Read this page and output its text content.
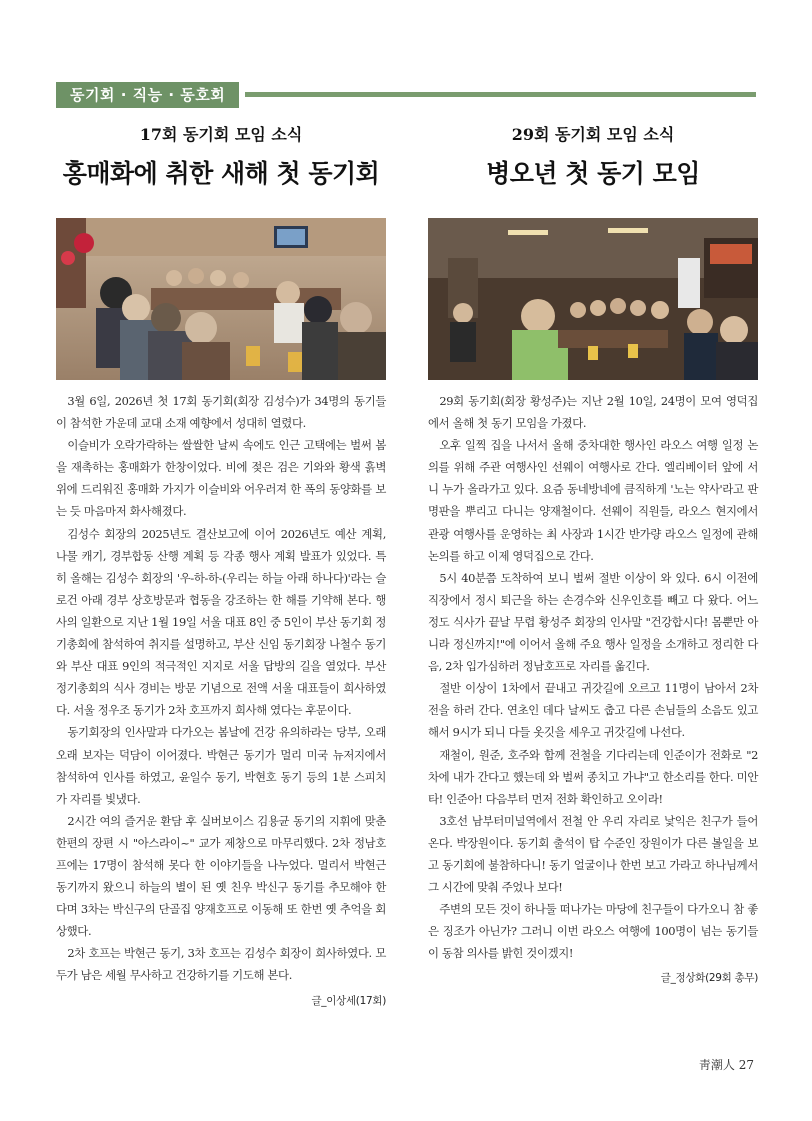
동기회 · 직능 · 동호회
17회 동기회 모임 소식
홍매화에 취한 새해 첫 동기회

3월 6일, 2026년 첫 17회 동기회(회장 김성수)가 34명의 동기들이 참석한 가운데 교대 소재 예향에서 성대히 열렸다.

이슬비가 오락가락하는 쌀쌀한 날씨 속에도 인근 고택에는 벌써 봄을 재촉하는 홍매화가 한창이었다. 비에 젖은 검은 기와와 황색 흙벽 위에 드리워진 홍매화 가지가 이슬비와 어우러져 한 폭의 동양화를 보는 듯 마음마저 화사해졌다.

김성수 회장의 2025년도 결산보고에 이어 2026년도 예산 계획, 나물 캐기, 경부합동 산행 계획 등 각종 행사 계획 발표가 있었다. 특히 올해는 김성수 회장의 '우-하-하-(우리는 하늘 아래 하나다)'라는 슬로건 아래 경부 상호방문과 협동을 강조하는 한 해를 기약해 본다. 행사의 일환으로 지난 1월 19일 서울 대표 8인 중 5인이 부산 동기회 정기총회에 참석하여 취지를 설명하고, 부산 신임 동기회장 나철수 동기와 부산 대표 9인의 적극적인 지지로 서울 답방의 길을 열었다. 부산 정기총회의 식사 경비는 방문 기념으로 전액 서울 대표들이 희사하였다. 서울 정우조 동기가 2차 호프까지 희사해 였다는 후문이다.

동기회장의 인사말과 다가오는 봄날에 건강 유의하라는 당부, 오래오래 보자는 덕담이 이어졌다. 박현근 동기가 멀리 미국 뉴저지에서 참석하여 인사를 하였고, 윤일수 동기, 박현호 동기 등의 1분 스피치가 자리를 빛냈다.

2시간 여의 즐거운 환담 후 실버보이스 김용균 동기의 지휘에 맞춘 한편의 장편 시 "아스라이~" 교가 제창으로 마무리했다. 2차 정남호프에는 17명이 참석해 못다 한 이야기들을 나누었다. 멀리서 박현근 동기까지 왔으니 하늘의 별이 된 옛 친우 박신구 동기를 추모해야 한다며 3차는 박신구의 단골집 양재호프로 이동해 또 한번 옛 추억을 회상했다.

2차 호프는 박현근 동기, 3차 호프는 김성수 회장이 희사하였다. 모두가 남은 세월 무사하고 건강하기를 기도해 본다.

글_이상세(17회)
29회 동기회 모임 소식
병오년 첫 동기 모임

29회 동기회(회장 황성주)는 지난 2월 10일, 24명이 모여 영덕집에서 올해 첫 동기 모임을 가졌다.

오후 일찍 집을 나서서 올해 중차대한 행사인 라오스 여행 일정 논의를 위해 주관 여행사인 선웨이 여행사로 간다. 엘리베이터 앞에 서니 누가 올라가고 있다. 요즘 동네방네에 큼직하게 '노는 약사'라고 판 명판을 뿌리고 다니는 양재철이다. 선웨이 직원들, 라오스 현지에서 관광 여행사를 운영하는 최 사장과 1시간 반가량 라오스 일정에 관해 논의를 하고 이제 영덕집으로 간다.

5시 40분쯤 도착하여 보니 벌써 절반 이상이 와 있다. 6시 이전에 직장에서 정시 퇴근을 하는 손경수와 신우인호를 빼고 다 왔다. 어느 정도 식사가 끝날 무렵 황성주 회장의 인사말 "건강합시다! 몸뿐만 아니라 정신까지!"에 이어서 올해 주요 행사 일정을 소개하고 정리한 다음, 2차 입가심하러 정남호프로 자리를 옮긴다.

절반 이상이 1차에서 끝내고 귀갓길에 오르고 11명이 남아서 2차전을 하러 간다. 연초인 데다 날씨도 춥고 다른 손님들의 소음도 있고 해서 9시가 되니 다들 옷깃을 세우고 귀갓길에 나선다.

재철이, 원준, 호주와 함께 전철을 기다리는데 인준이가 전화로 "2차에 내가 간다고 했는데 와 벌써 종치고 가냐"고 한소리를 한다. 미안타! 인준아! 다음부터 먼저 전화 확인하고 오이라!

3호선 남부터미널역에서 전철 안 우리 자리로 낯익은 친구가 들어온다. 박장원이다. 동기회 출석이 탑 수준인 장원이가 다른 볼일을 보고 동기회에 불참하다니! 동기 얼굴이나 한번 보고 가라고 하나님께서 그 시간에 맞춰 주었나 보다!

주변의 모든 것이 하나둘 떠나가는 마당에 친구들이 다가오니 참 좋은 징조가 아닌가? 그러니 이번 라오스 여행에 100명이 넘는 동기들이 동참 의사를 밝힌 것이겠지!

글_정상화(29회 총무)
靑潮人 27
